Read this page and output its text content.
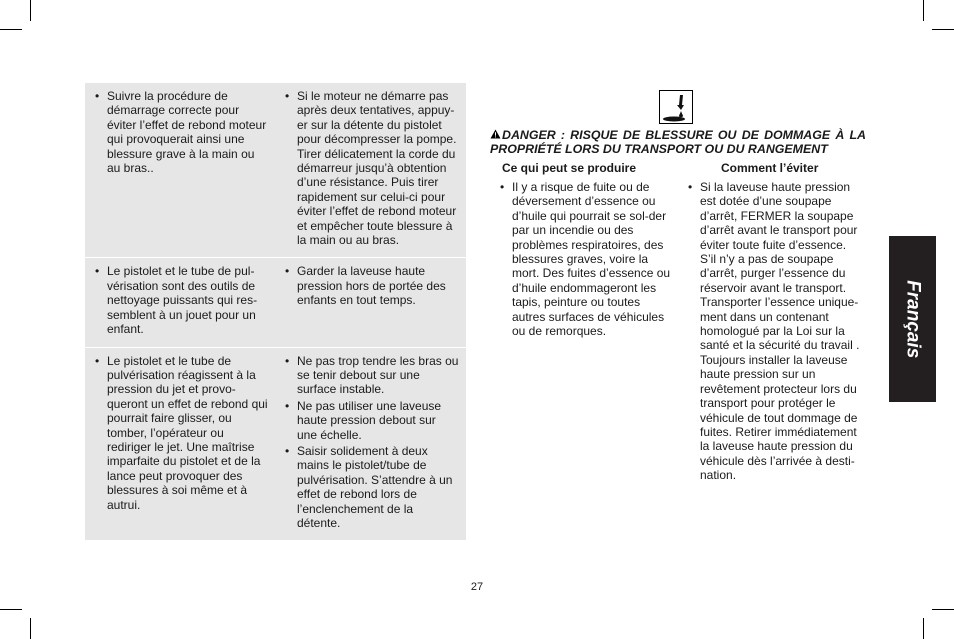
• Suivre la procédure de démarrage correcte pour éviter l’effet de rebond moteur qui provoquerait ainsi une blessure grave à la main ou au bras..
• Si le moteur ne démarre pas après deux tentatives, appuy-er sur la détente du pistolet pour décompresser la pompe. Tirer délicatement la corde du démarreur jusqu’à obtention d’une résistance. Puis tirer rapidement sur celui-ci pour éviter l’effet de rebond moteur et empêcher toute blessure à la main ou au bras.
• Le pistolet et le tube de pul-vérisation sont des outils de nettoyage puissants qui res-semblent à un jouet pour un enfant.
• Garder la laveuse haute pression hors de portée des enfants en tout temps.
• Le pistolet et le tube de pulvérisation réagissent à la pression du jet et provo-queront un effet de rebond qui pourrait faire glisser, ou tomber, l’opérateur ou rediriger le jet. Une maîtrise imparfaite du pistolet et de la lance peut provoquer des blessures à soi même et à autrui.
• Ne pas trop tendre les bras ou se tenir debout sur une surface instable.
• Ne pas utiliser une laveuse haute pression debout sur une échelle.
• Saisir solidement à deux mains le pistolet/tube de pulvérisation. S’attendre à un effet de rebond lors de l’enclenchement de la détente.
DANGER : RISQUE DE BLESSURE OU DE DOMMAGE À LA PROPRIÉTÉ LORS DU TRANSPORT OU DU RANGEMENT
Ce qui peut se produire	Comment l’éviter
• Il y a risque de fuite ou de déversement d’essence ou d’huile qui pourrait se sol-der par un incendie ou des problèmes respiratoires, des blessures graves, voire la mort. Des fuites d’essence ou d’huile endommageront les tapis, peinture ou toutes autres surfaces de véhicules ou de remorques.
• Si la laveuse haute pression est dotée d’une soupape d’arrêt, FERMER la soupape d’arrêt avant le transport pour éviter toute fuite d’essence. S’il n’y a pas de soupape d’arrêt, purger l’essence du réservoir avant le transport. Transporter l’essence unique-ment dans un contenant homologué par la Loi sur la santé et la sécurité du travail . Toujours installer la laveuse haute pression sur un revêtement protecteur lors du transport pour protéger le véhicule de tout dommage de fuites. Retirer immédiatement la laveuse haute pression du véhicule dès l’arrivée à desti-nation.
Français
27
